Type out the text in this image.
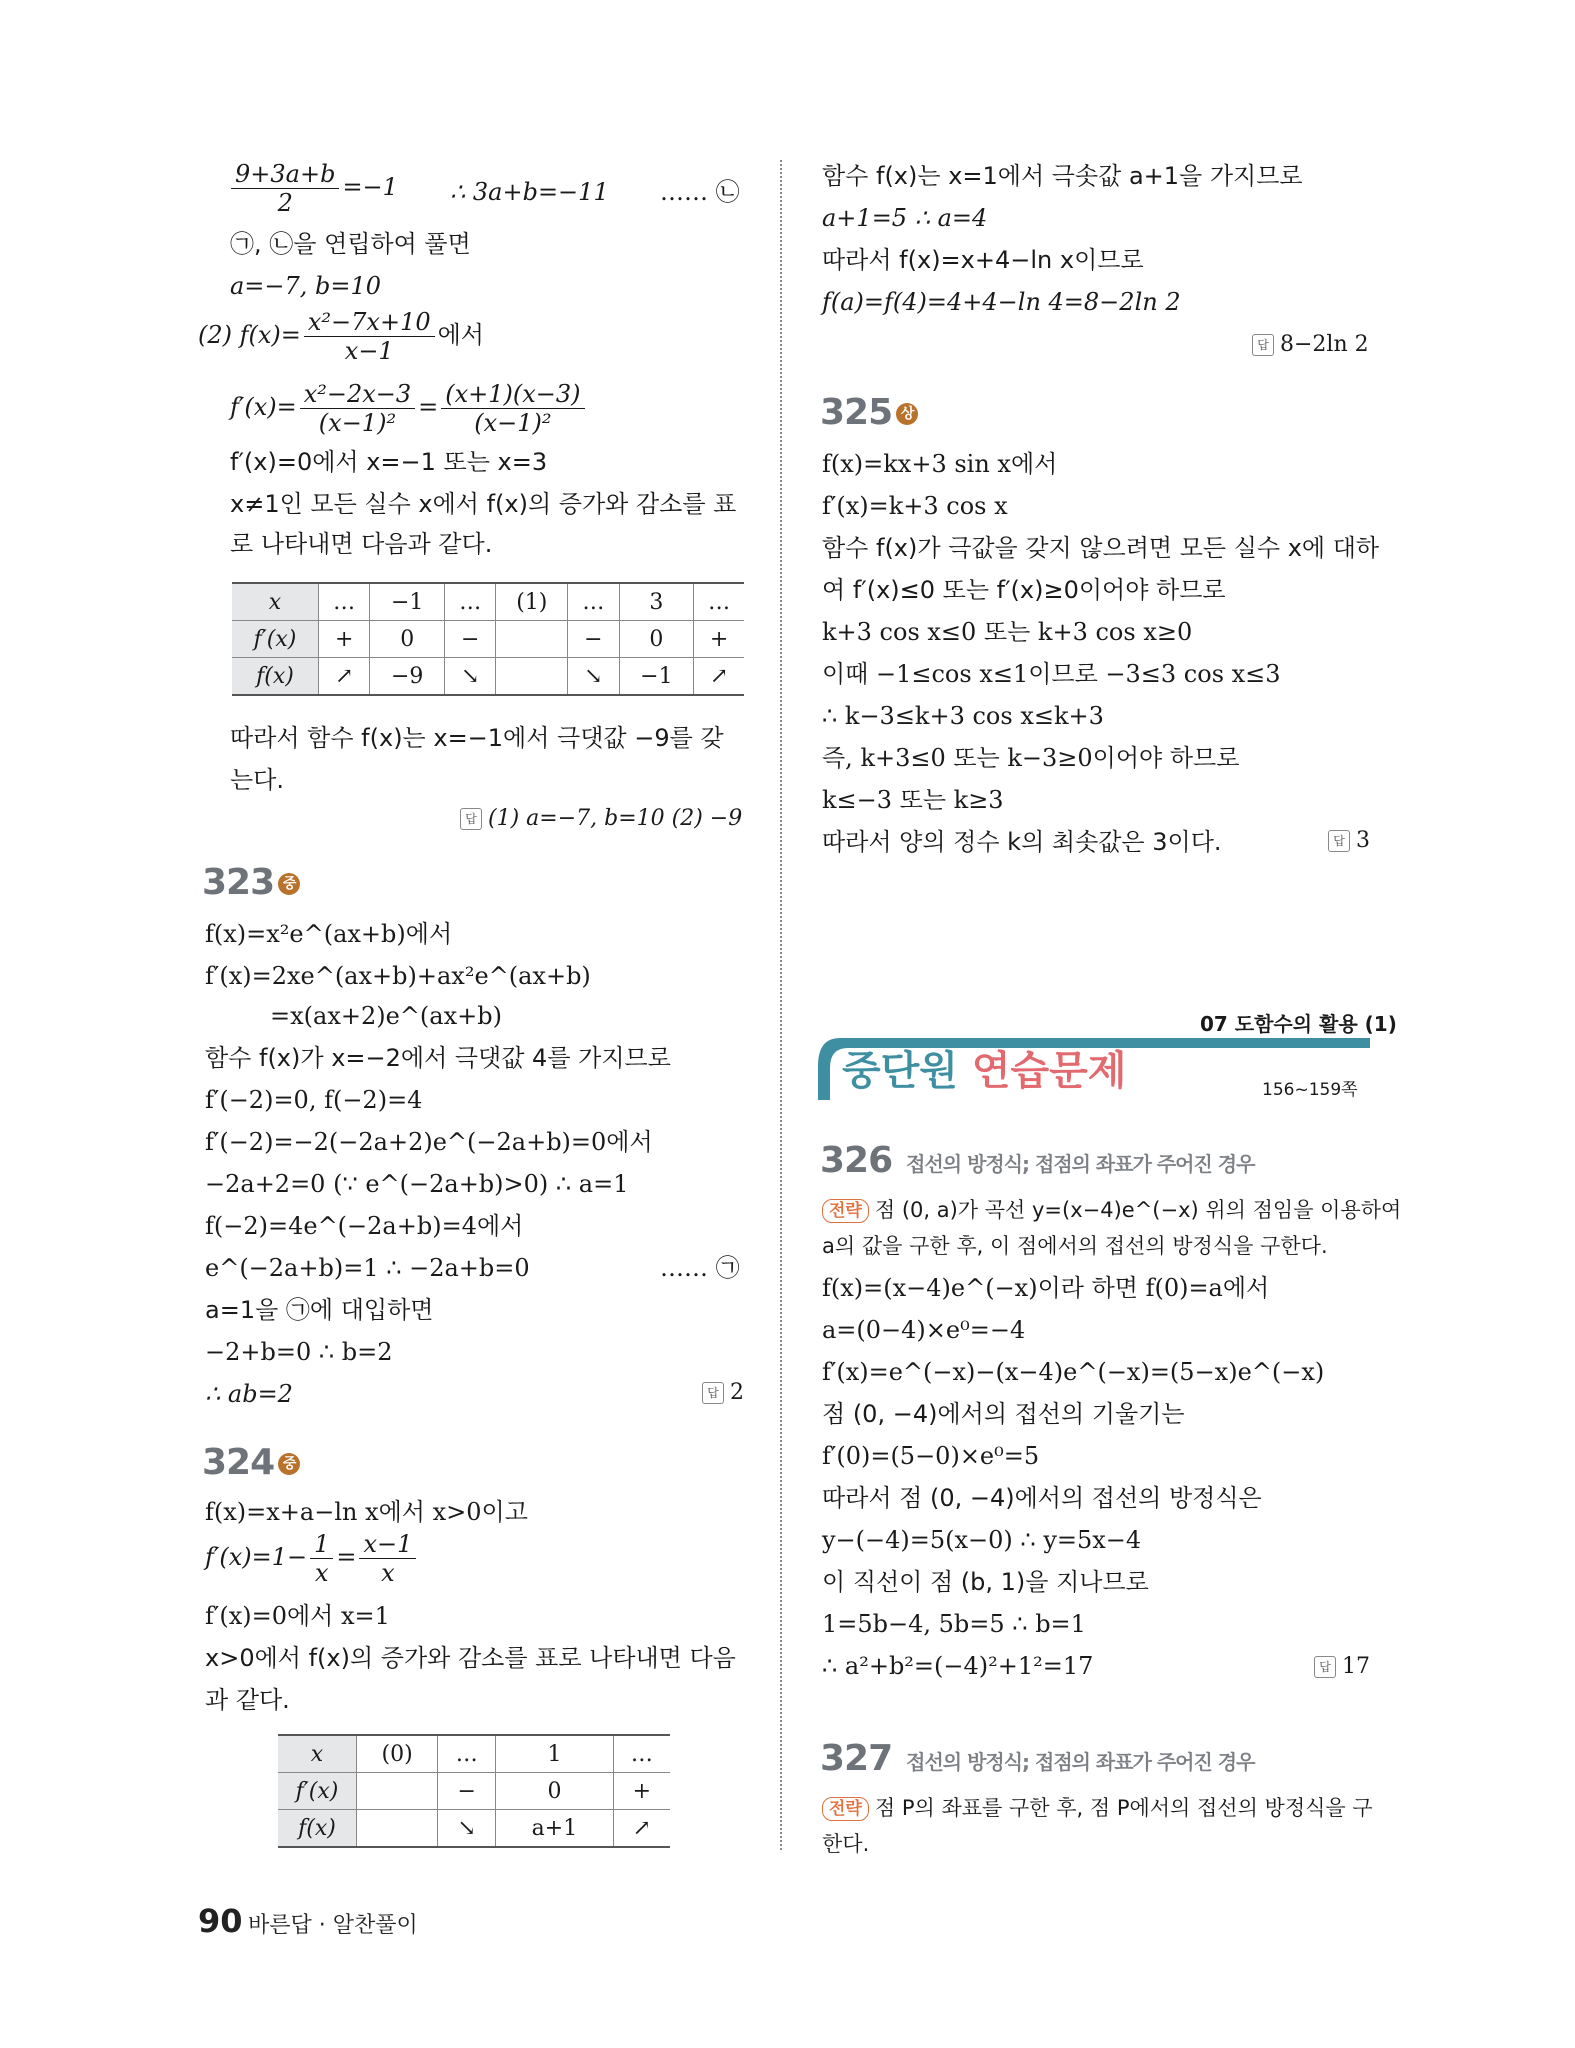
$\frac{9+3a+b}{2} =-1$ ∴ 3a+b=−11 …… ㉡
㉠, ㉡을 연립하여 풀면
a=−7, b=10
(2) $f(x)= \frac{\text{x²−7x+10}}{x-1}$ 에서
$f'(x)= \frac{\text{x²−2x−3}}{\text{(x−1)²}} = \frac{(x+1)(x-3)}{\text{(x−1)²}}$
f′(x)=0에서 x=−1 또는 x=3
x≠1인 모든 실수 x에서 f(x)의 증가와 감소를 표
로 나타내면 다음과 같다.
x	…	−1	…	(1)	…	3	…
f′(x)	+	0	−		−	0	+
f(x)	↗	−9	↘		↘	−1	↗
따라서 함수 f(x)는 x=−1에서 극댓값 −9를 갖
는다.
답 (1) a=−7, b=10 (2) −9
323 중
f(x)=x²e^(ax+b)에서
f′(x)=2xe^(ax+b)+ax²e^(ax+b)
=x(ax+2)e^(ax+b)
함수 f(x)가 x=−2에서 극댓값 4를 가지므로
f′(−2)=0, f(−2)=4
f′(−2)=−2(−2a+2)e^(−2a+b)=0에서
−2a+2=0 (∵ e^(−2a+b)>0) ∴ a=1
f(−2)=4e^(−2a+b)=4에서
e^(−2a+b)=1 ∴ −2a+b=0	…… ㉠
a=1을 ㉠에 대입하면
−2+b=0 ∴ b=2
∴ ab=2	답 2
324 중
f(x)=x+a−ln x에서 x>0이고
$f'(x)=1- \frac{1}{x} = \frac{x-1}{x}$
f′(x)=0에서 x=1
x>0에서 f(x)의 증가와 감소를 표로 나타내면 다음
과 같다.
x	(0)	…	1	…
f′(x)		−	0	+
f(x)		↘	a+1	↗
함수 f(x)는 x=1에서 극솟값 a+1을 가지므로
a+1=5 ∴ a=4
따라서 f(x)=x+4−ln x이므로
f(a)=f(4)=4+4−ln 4=8−2ln 2
답 8−2ln 2
325 상
f(x)=kx+3 sin x에서
f′(x)=k+3 cos x
함수 f(x)가 극값을 갖지 않으려면 모든 실수 x에 대하
여 f′(x)≤0 또는 f′(x)≥0이어야 하므로
k+3 cos x≤0 또는 k+3 cos x≥0
이때 −1≤cos x≤1이므로 −3≤3 cos x≤3
∴ k−3≤k+3 cos x≤k+3
즉, k+3≤0 또는 k−3≥0이어야 하므로
k≤−3 또는 k≥3
따라서 양의 정수 k의 최솟값은 3이다.	답 3
07 도함수의 활용 (1)
중단원 연습문제	156~159쪽
326 접선의 방정식; 접점의 좌표가 주어진 경우
전략 점 (0, a)가 곡선 y=(x−4)e^(−x) 위의 점임을 이용하여
a의 값을 구한 후, 이 점에서의 접선의 방정식을 구한다.
f(x)=(x−4)e^(−x)이라 하면 f(0)=a에서
a=(0−4)×e⁰=−4
f′(x)=e^(−x)−(x−4)e^(−x)=(5−x)e^(−x)
점 (0, −4)에서의 접선의 기울기는
f′(0)=(5−0)×e⁰=5
따라서 점 (0, −4)에서의 접선의 방정식은
y−(−4)=5(x−0) ∴ y=5x−4
이 직선이 점 (b, 1)을 지나므로
1=5b−4, 5b=5 ∴ b=1
∴ a²+b²=(−4)²+1²=17	답 17
327 접선의 방정식; 접점의 좌표가 주어진 경우
전략 점 P의 좌표를 구한 후, 점 P에서의 접선의 방정식을 구
한다.
90 바른답 · 알찬풀이
